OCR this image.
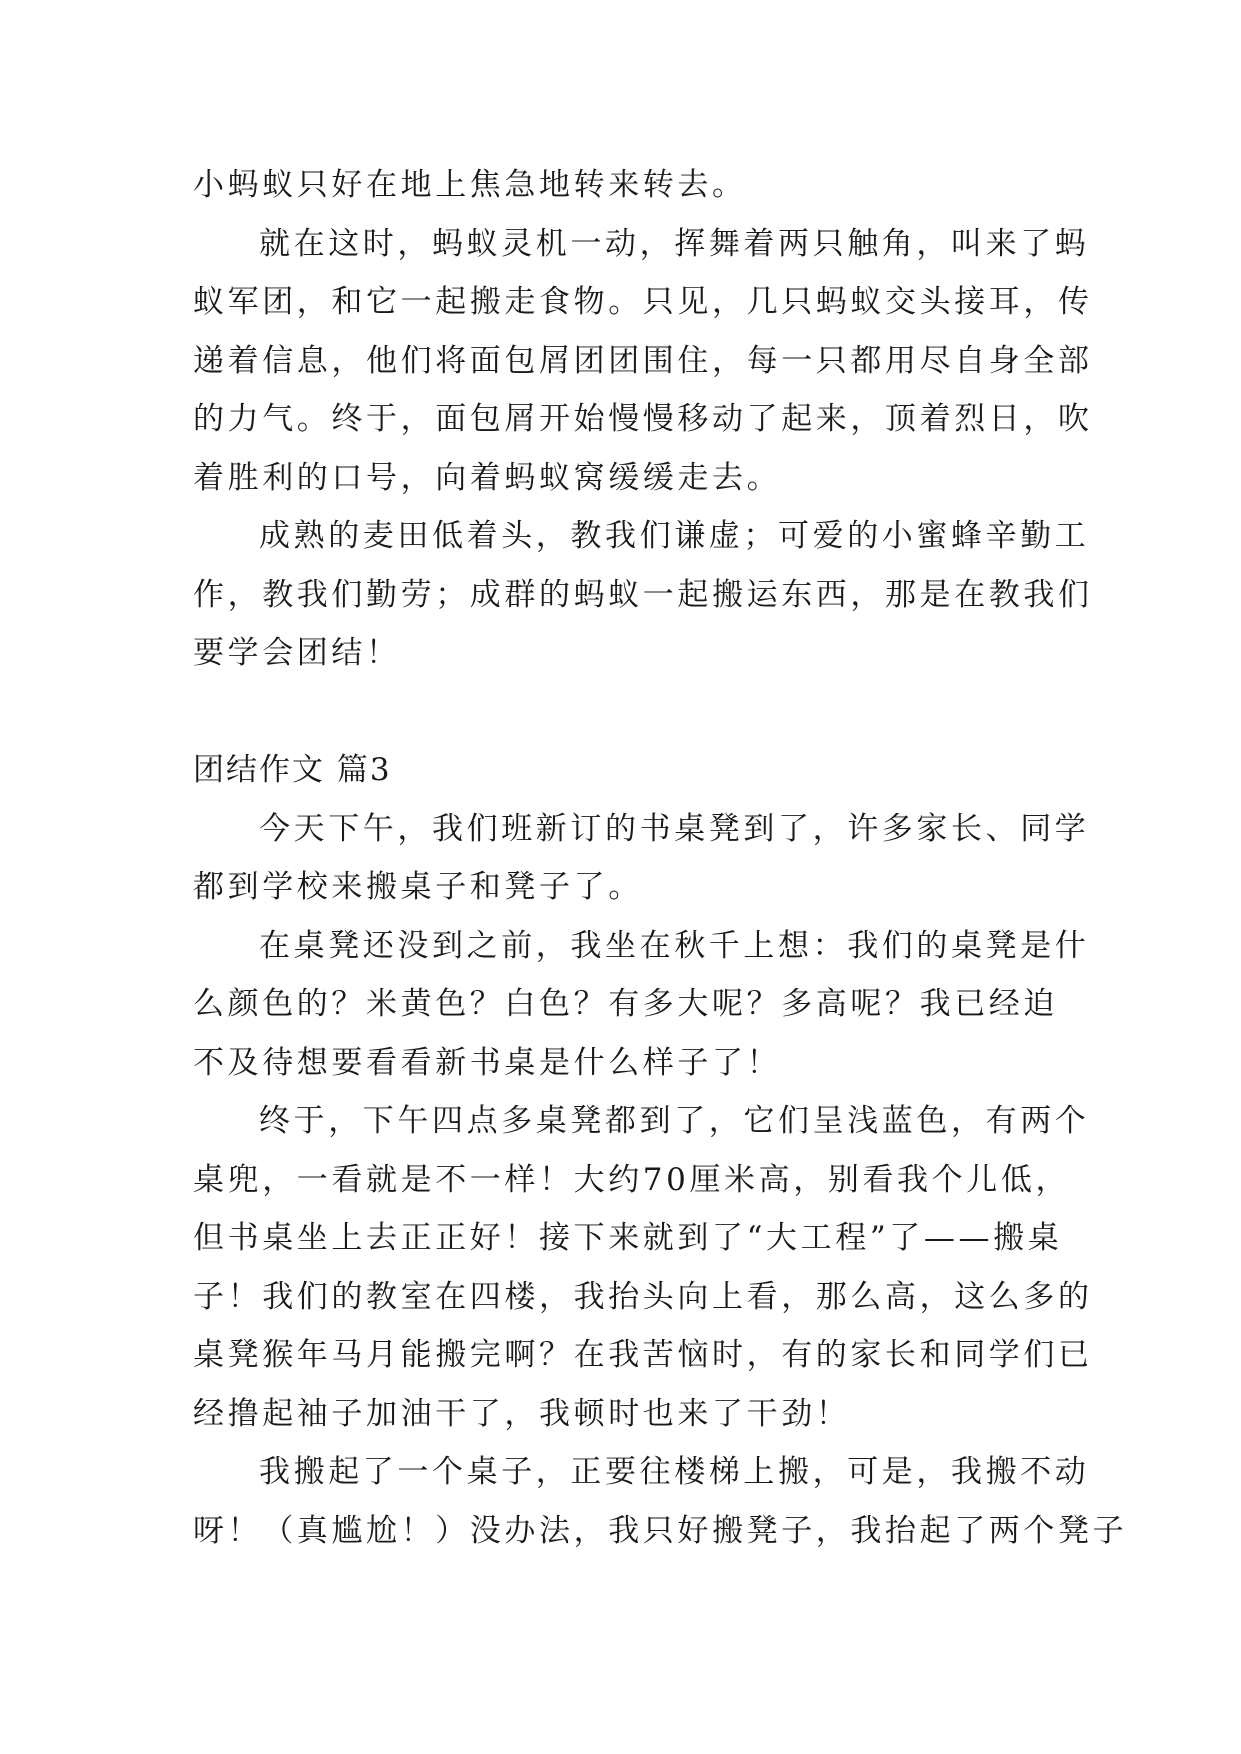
小蚂蚁只好在地上焦急地转来转去。
就在这时，蚂蚁灵机一动，挥舞着两只触角，叫来了蚂
蚁军团，和它一起搬走食物。只见，几只蚂蚁交头接耳，传
递着信息，他们将面包屑团团围住，每一只都用尽自身全部
的力气。终于，面包屑开始慢慢移动了起来，顶着烈日，吹
着胜利的口号，向着蚂蚁窝缓缓走去。
成熟的麦田低着头，教我们谦虚；可爱的小蜜蜂辛勤工
作，教我们勤劳；成群的蚂蚁一起搬运东西，那是在教我们
要学会团结！
团结作文 篇3
今天下午，我们班新订的书桌凳到了，许多家长、同学
都到学校来搬桌子和凳子了。
在桌凳还没到之前，我坐在秋千上想：我们的桌凳是什
么颜色的？米黄色？白色？有多大呢？多高呢？我已经迫
不及待想要看看新书桌是什么样子了！
终于，下午四点多桌凳都到了，它们呈浅蓝色，有两个
桌兜，一看就是不一样！大约70厘米高，别看我个儿低，
但书桌坐上去正正好！接下来就到了“大工程”了——搬桌
子！我们的教室在四楼，我抬头向上看，那么高，这么多的
桌凳猴年马月能搬完啊？在我苦恼时，有的家长和同学们已
经撸起袖子加油干了，我顿时也来了干劲！
我搬起了一个桌子，正要往楼梯上搬，可是，我搬不动
呀！（真尴尬！）没办法，我只好搬凳子，我抬起了两个凳子
